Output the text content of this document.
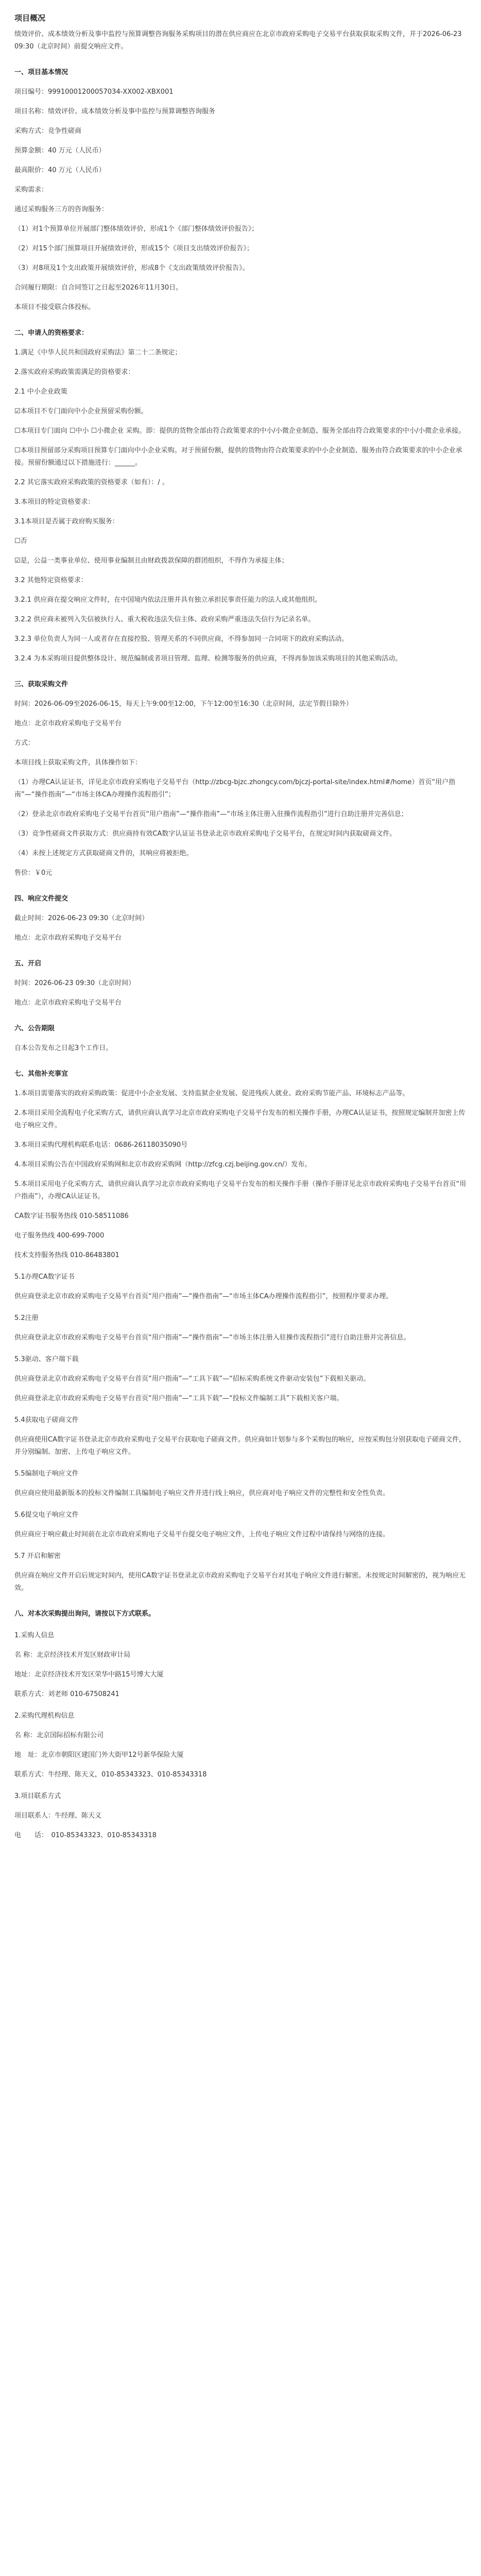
项目概况
绩效评价、成本绩效分析及事中监控与预算调整咨询服务采购项目的潜在供应商应在北京市政府采购电子交易平台获取获取采购文件，并于2026-06-23 09:30（北京时间）前提交响应文件。
一、项目基本情况
项目编号：99910001200057034-XX002-XBX001
项目名称：绩效评价、成本绩效分析及事中监控与预算调整咨询服务
采购方式：竞争性磋商
预算金额：40 万元（人民币）
最高限价：40 万元（人民币）
采购需求：
通过采购服务三方的咨询服务：
（1）对1个预算单位开展部门整体绩效评价，形成1个《部门整体绩效评价报告》；
（2）对15个部门预算项目开展绩效评价，形成15个《项目支出绩效评价报告》；
（3）对8项及1个支出政策开展绩效评价，形成8个《支出政策绩效评价报告》。
合同履行期限：自合同签订之日起至2026年11月30日。
本项目不接受联合体投标。
二、申请人的资格要求：
1.满足《中华人民共和国政府采购法》第二十二条规定；
2.落实政府采购政策需满足的资格要求：
2.1 中小企业政策
☑本项目不专门面向中小企业预留采购份额。
☐本项目专门面向 ☐中小 ☐小微企业 采购。即：提供的货物全部由符合政策要求的中小/小微企业制造、服务全部由符合政策要求的中小/小微企业承接。
☐本项目预留部分采购项目预算专门面向中小企业采购。对于预留份额，提供的货物由符合政策要求的中小企业制造、服务由符合政策要求的中小企业承接。预留份额通过以下措施进行：______。
2.2 其它落实政府采购政策的资格要求（如有）：/ 。
3.本项目的特定资格要求：
3.1本项目是否属于政府购买服务：
☐否
☑是，公益一类事业单位、使用事业编制且由财政拨款保障的群团组织，不得作为承接主体；
3.2 其他特定资格要求：
3.2.1 供应商在提交响应文件时，在中国境内依法注册并具有独立承担民事责任能力的法人或其他组织。
3.2.2 供应商未被列入失信被执行人、重大税收违法失信主体、政府采购严重违法失信行为记录名单。
3.2.3 单位负责人为同一人或者存在直接控股、管理关系的不同供应商，不得参加同一合同项下的政府采购活动。
3.2.4 为本采购项目提供整体设计、规范编制或者项目管理、监理、检测等服务的供应商，不得再参加该采购项目的其他采购活动。
三、获取采购文件
时间：2026-06-09至2026-06-15，每天上午9:00至12:00，下午12:00至16:30（北京时间，法定节假日除外）
地点：北京市政府采购电子交易平台
方式：
本项目线上获取采购文件，具体操作如下：
（1）办理CA认证证书，详见北京市政府采购电子交易平台（http://zbcg-bjzc.zhongcy.com/bjczj-portal-site/index.html#/home）首页“用户指南”—“操作指南”—“市场主体CA办理操作流程指引”；
（2）登录北京市政府采购电子交易平台首页“用户指南”—“操作指南”—“市场主体注册入驻操作流程指引”进行自助注册并完善信息；
（3）竞争性磋商文件获取方式：供应商持有效CA数字认证证书登录北京市政府采购电子交易平台，在规定时间内获取磋商文件。
（4）未按上述规定方式获取磋商文件的，其响应将被拒绝。
售价：￥0元
四、响应文件提交
截止时间：2026-06-23 09:30（北京时间）
地点：北京市政府采购电子交易平台
五、开启
时间：2026-06-23 09:30（北京时间）
地点：北京市政府采购电子交易平台
六、公告期限
自本公告发布之日起3个工作日。
七、其他补充事宜
1.本项目需要落实的政府采购政策：促进中小企业发展、支持监狱企业发展、促进残疾人就业、政府采购节能产品、环境标志产品等。
2.本项目采用全流程电子化采购方式，请供应商认真学习北京市政府采购电子交易平台发布的相关操作手册，办理CA认证证书，按照规定编制并加密上传电子响应文件。
3.本项目采购代理机构联系电话：0686-26118035090号
4.本项目采购公告在中国政府采购网和北京市政府采购网（http://zfcg.czj.beijing.gov.cn/）发布。
5.本项目采用电子化采购方式，请供应商认真学习北京市政府采购电子交易平台发布的相关操作手册（操作手册详见北京市政府采购电子交易平台首页“用户指南”），办理CA认证证书。
CA数字证书服务热线 010-58511086
电子服务热线 400-699-7000
技术支持服务热线 010-86483801
5.1办理CA数字证书
供应商登录北京市政府采购电子交易平台首页“用户指南”—“操作指南”—“市场主体CA办理操作流程指引”，按照程序要求办理。
5.2注册
供应商登录北京市政府采购电子交易平台首页“用户指南”—“操作指南”—“市场主体注册入驻操作流程指引”进行自助注册并完善信息。
5.3驱动、客户端下载
供应商登录北京市政府采购电子交易平台首页“用户指南”—“工具下载”—“招标采购系统文件驱动安装包”下载相关驱动。
供应商登录北京市政府采购电子交易平台首页“用户指南”—“工具下载”—“投标文件编制工具”下载相关客户端。
5.4获取电子磋商文件
供应商使用CA数字证书登录北京市政府采购电子交易平台获取电子磋商文件。供应商如计划参与多个采购包的响应，应按采购包分别获取电子磋商文件，并分别编制、加密、上传电子响应文件。
5.5编制电子响应文件
供应商应使用最新版本的投标文件编制工具编制电子响应文件并进行线上响应，供应商对电子响应文件的完整性和安全性负责。
5.6提交电子响应文件
供应商应于响应截止时间前在北京市政府采购电子交易平台提交电子响应文件，上传电子响应文件过程中请保持与网络的连接。
5.7 开启和解密
供应商在响应文件开启后规定时间内，使用CA数字证书登录北京市政府采购电子交易平台对其电子响应文件进行解密。未按规定时间解密的，视为响应无效。
八、对本次采购提出询问，请按以下方式联系。
1.采购人信息
名 称：北京经济技术开发区财政审计局
地址：北京经济技术开发区荣华中路15号博大大厦
联系方式：刘老师 010-67508241
2.采购代理机构信息
名 称：北京国际招标有限公司
地　址：北京市朝阳区建国门外大街甲12号新华保险大厦
联系方式：牛经理、陈天义，010-85343323、010-85343318
3.项目联系方式
项目联系人：牛经理、陈天义
电　　话：　010-85343323、010-85343318
